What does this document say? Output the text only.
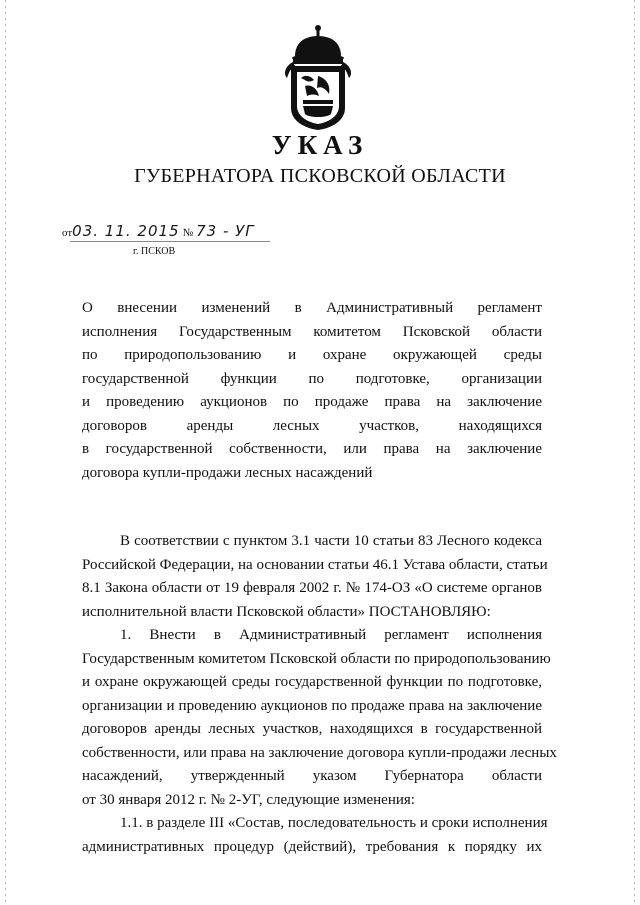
УКАЗ
ГУБЕРНАТОРА ПСКОВСКОЙ ОБЛАСТИ
от03. 11. 2015 № 73 - УГ
г. ПСКОВ
О внесении изменений в Административный регламент
исполнения Государственным комитетом Псковской области
по природопользованию и охране окружающей среды
государственной функции по подготовке, организации
и проведению аукционов по продаже права на заключение
договоров аренды лесных участков, находящихся
в государственной собственности, или права на заключение
договора купли-продажи лесных насаждений
В соответствии с пунктом 3.1 части 10 статьи 83 Лесного кодекса
Российской Федерации, на основании статьи 46.1 Устава области, статьи
8.1 Закона области от 19 февраля 2002 г. № 174-ОЗ «О системе органов
исполнительной власти Псковской области» ПОСТАНОВЛЯЮ:
1. Внести в Административный регламент исполнения
Государственным комитетом Псковской области по природопользованию
и охране окружающей среды государственной функции по подготовке,
организации и проведению аукционов по продаже права на заключение
договоров аренды лесных участков, находящихся в государственной
собственности, или права на заключение договора купли-продажи лесных
насаждений, утвержденный указом Губернатора области
от 30 января 2012 г. № 2-УГ, следующие изменения:
1.1. в разделе III «Состав, последовательность и сроки исполнения
административных процедур (действий), требования к порядку их
